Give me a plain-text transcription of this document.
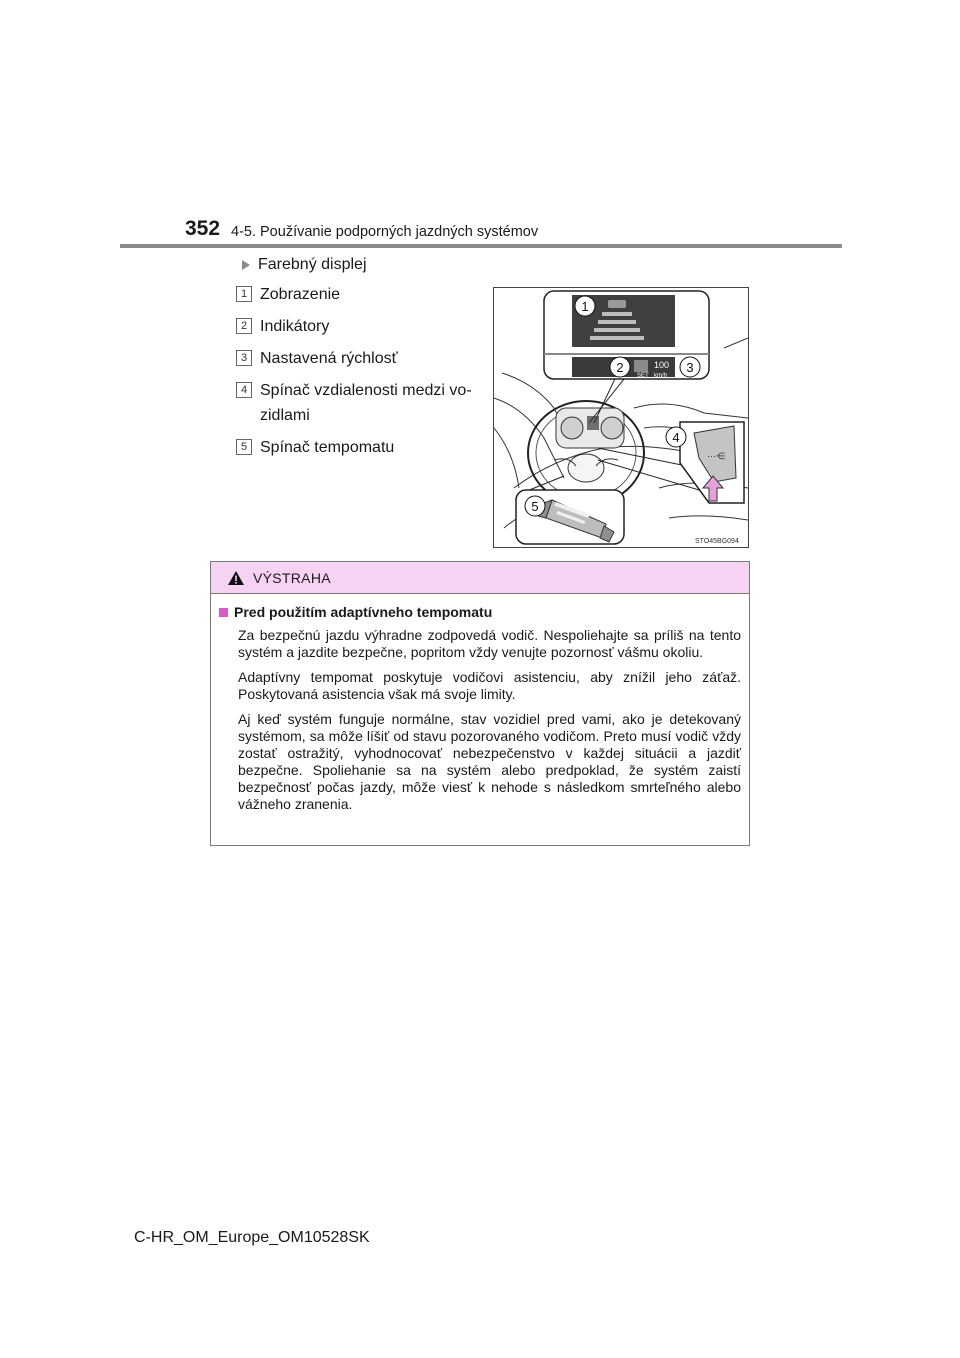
352 4-5. Používanie podporných jazdných systémov
Farebný displej
1 Zobrazenie
2 Indikátory
3 Nastavená rýchlosť
4 Spínač vzdialenosti medzi vo-
zidlami
5 Spínač tempomatu
100
SET km/h
⋯⋲
1
2	3
4
5
STO45BG094
VÝSTRAHA
Pred použitím adaptívneho tempomatu

Za bezpečnú jazdu výhradne zodpovedá vodič. Nespoliehajte sa príliš na tento systém a jazdite bezpečne, popritom vždy venujte pozornosť vášmu okoliu.

Adaptívny tempomat poskytuje vodičovi asistenciu, aby znížil jeho záťaž. Poskytovaná asistencia však má svoje limity.

Aj keď systém funguje normálne, stav vozidiel pred vami, ako je detekovaný systémom, sa môže líšiť od stavu pozorovaného vodičom. Preto musí vodič vždy zostať ostražitý, vyhodnocovať nebezpečenstvo v každej situácii a jazdiť bezpečne. Spoliehanie sa na systém alebo predpoklad, že systém zaistí bezpečnosť počas jazdy, môže viesť k nehode s následkom smrteľného alebo vážneho zranenia.

C-HR_OM_Europe_OM10528SK
